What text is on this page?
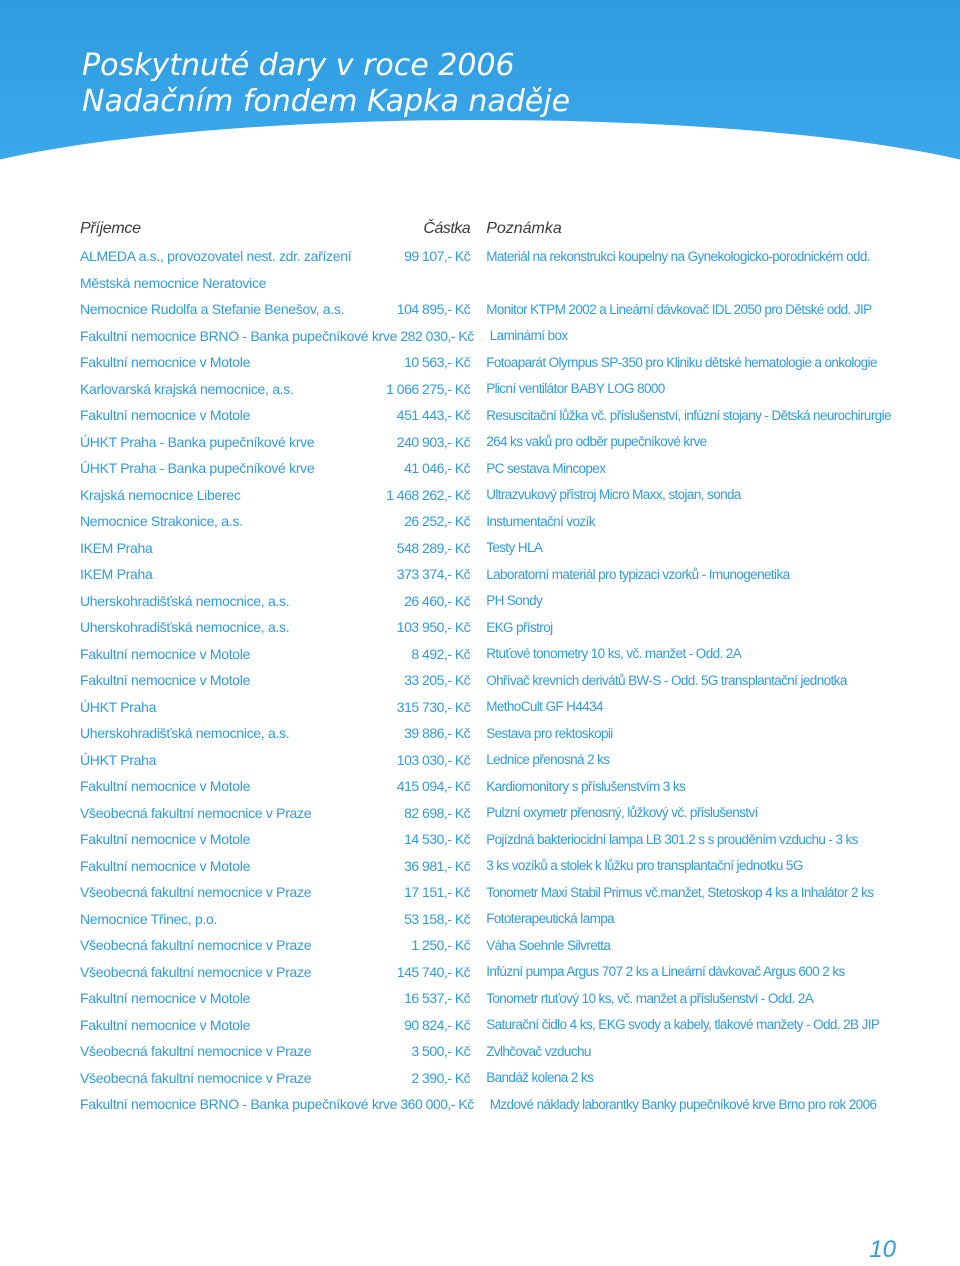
Poskytnuté dary v roce 2006
Nadačním fondem Kapka naděje
Příjemce	Částka	Poznámka
ALMEDA a.s., provozovatel nest. zdr. zařízení	99 107,- Kč	Materiál na rekonstrukci koupelny na Gynekologicko-porodnickém odd.
Městská nemocnice Neratovice
Nemocnice Rudolfa a Stefanie Benešov, a.s.	104 895,- Kč	Monitor KTPM 2002 a Lineární dávkovač IDL 2050 pro Dětské odd. JIP
Fakultní nemocnice BRNO - Banka pupečníkové krve 282 030,- Kč	Laminární box
Fakultní nemocnice v Motole	10 563,- Kč	Fotoaparát Olympus SP-350 pro Kliniku dětské hematologie a onkologie
Karlovarská krajská nemocnice, a.s.	1 066 275,- Kč	Plicní ventilátor BABY LOG 8000
Fakultní nemocnice v Motole	451 443,- Kč	Resuscitační lůžka vč. příslušenství, infúzní stojany - Dětská neurochirurgie
ÚHKT Praha - Banka pupečníkové krve	240 903,- Kč	264 ks vaků pro odběr pupečníkové krve
ÚHKT Praha - Banka pupečníkové krve	41 046,- Kč	PC sestava Mincopex
Krajská nemocnice Liberec	1 468 262,- Kč	Ultrazvukový přístroj Micro Maxx, stojan, sonda
Nemocnice Strakonice, a.s.	26 252,- Kč	Instumentační vozík
IKEM Praha	548 289,- Kč	Testy HLA
IKEM Praha	373 374,- Kč	Laboratorní materiál pro typizaci vzorků - Imunogenetika
Uherskohradišťská nemocnice, a.s.	26 460,- Kč	PH Sondy
Uherskohradišťská nemocnice, a.s.	103 950,- Kč	EKG přístroj
Fakultní nemocnice v Motole	8 492,- Kč	Rtuťové tonometry 10 ks, vč. manžet - Odd. 2A
Fakultní nemocnice v Motole	33 205,- Kč	Ohřívač krevních derivátů BW-S - Odd. 5G transplantační jednotka
ÚHKT Praha	315 730,- Kč	MethoCult GF H4434
Uherskohradišťská nemocnice, a.s.	39 886,- Kč	Sestava pro rektoskopii
ÚHKT Praha	103 030,- Kč	Lednice přenosná 2 ks
Fakultní nemocnice v Motole	415 094,- Kč	Kardiomonitory s příslušenstvím 3 ks
Všeobecná fakultní nemocnice v Praze	82 698,- Kč	Pulzní oxymetr přenosný, lůžkový vč. příslušenství
Fakultní nemocnice v Motole	14 530,- Kč	Pojízdná bakteriocidní lampa LB 301.2 s s prouděním vzduchu - 3 ks
Fakultní nemocnice v Motole	36 981,- Kč	3 ks vozíků a stolek k lůžku pro transplantační jednotku 5G
Všeobecná fakultní nemocnice v Praze	17 151,- Kč	Tonometr Maxi Stabil Primus vč.manžet, Stetoskop 4 ks a Inhalátor 2 ks
Nemocnice Třinec, p.o.	53 158,- Kč	Fototerapeutická lampa
Všeobecná fakultní nemocnice v Praze	1 250,- Kč	Váha Soehnle Silvretta
Všeobecná fakultní nemocnice v Praze	145 740,- Kč	Infúzní pumpa Argus 707 2 ks a Lineární dávkovač Argus 600 2 ks
Fakultní nemocnice v Motole	16 537,- Kč	Tonometr rtuťový 10 ks, vč. manžet a příslušenství - Odd. 2A
Fakultní nemocnice v Motole	90 824,- Kč	Saturační čidlo 4 ks, EKG svody a kabely, tlakové manžety - Odd. 2B JIP
Všeobecná fakultní nemocnice v Praze	3 500,- Kč	Zvlhčovač vzduchu
Všeobecná fakultní nemocnice v Praze	2 390,- Kč	Bandáž kolena 2 ks
Fakultní nemocnice BRNO - Banka pupečníkové krve 360 000,- Kč	Mzdové náklady laborantky Banky pupečníkové krve Brno pro rok 2006
10
